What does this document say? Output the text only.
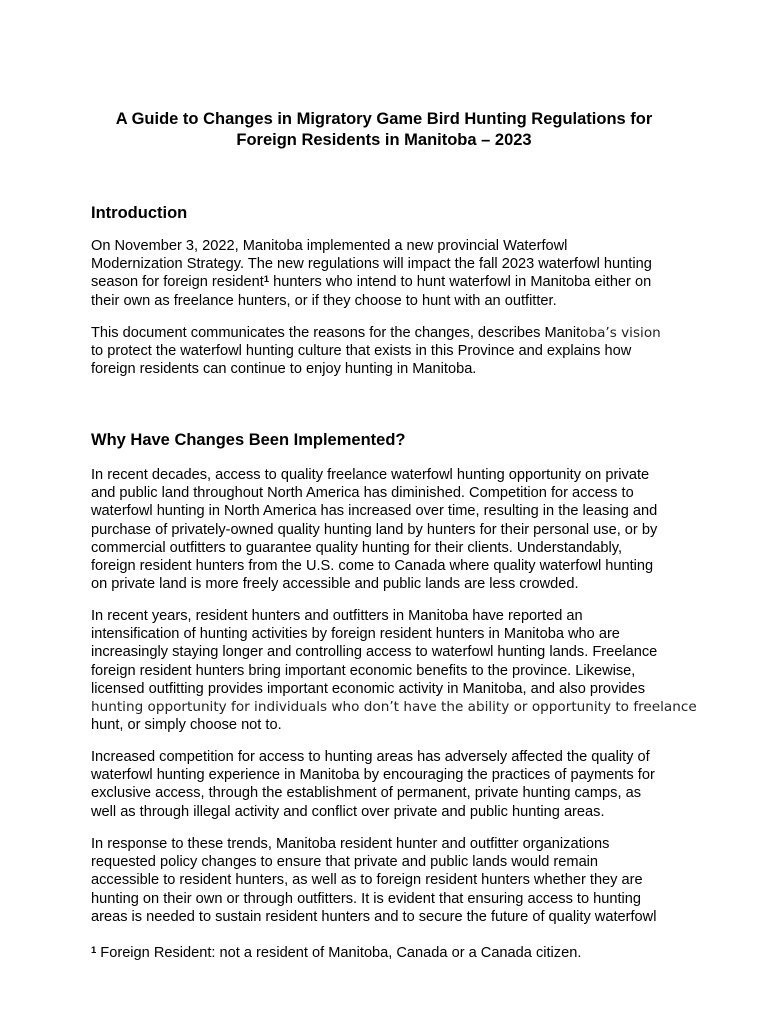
A Guide to Changes in Migratory Game Bird Hunting Regulations for
Foreign Residents in Manitoba – 2023
Introduction

On November 3, 2022, Manitoba implemented a new provincial Waterfowl
Modernization Strategy. The new regulations will impact the fall 2023 waterfowl hunting
season for foreign resident$^1$ hunters who intend to hunt waterfowl in Manitoba either on
their own as freelance hunters, or if they choose to hunt with an outfitter.

This document communicates the reasons for the changes, describes Manitoba’s vision
to protect the waterfowl hunting culture that exists in this Province and explains how
foreign residents can continue to enjoy hunting in Manitoba.

Why Have Changes Been Implemented?

In recent decades, access to quality freelance waterfowl hunting opportunity on private
and public land throughout North America has diminished. Competition for access to
waterfowl hunting in North America has increased over time, resulting in the leasing and
purchase of privately-owned quality hunting land by hunters for their personal use, or by
commercial outfitters to guarantee quality hunting for their clients. Understandably,
foreign resident hunters from the U.S. come to Canada where quality waterfowl hunting
on private land is more freely accessible and public lands are less crowded.

In recent years, resident hunters and outfitters in Manitoba have reported an
intensification of hunting activities by foreign resident hunters in Manitoba who are
increasingly staying longer and controlling access to waterfowl hunting lands. Freelance
foreign resident hunters bring important economic benefits to the province. Likewise,
licensed outfitting provides important economic activity in Manitoba, and also provides
hunting opportunity for individuals who don’t have the ability or opportunity to freelance
hunt, or simply choose not to.

Increased competition for access to hunting areas has adversely affected the quality of
waterfowl hunting experience in Manitoba by encouraging the practices of payments for
exclusive access, through the establishment of permanent, private hunting camps, as
well as through illegal activity and conflict over private and public hunting areas.

In response to these trends, Manitoba resident hunter and outfitter organizations
requested policy changes to ensure that private and public lands would remain
accessible to resident hunters, as well as to foreign resident hunters whether they are
hunting on their own or through outfitters. It is evident that ensuring access to hunting
areas is needed to sustain resident hunters and to secure the future of quality waterfowl

$^1$ Foreign Resident: not a resident of Manitoba, Canada or a Canada citizen.
